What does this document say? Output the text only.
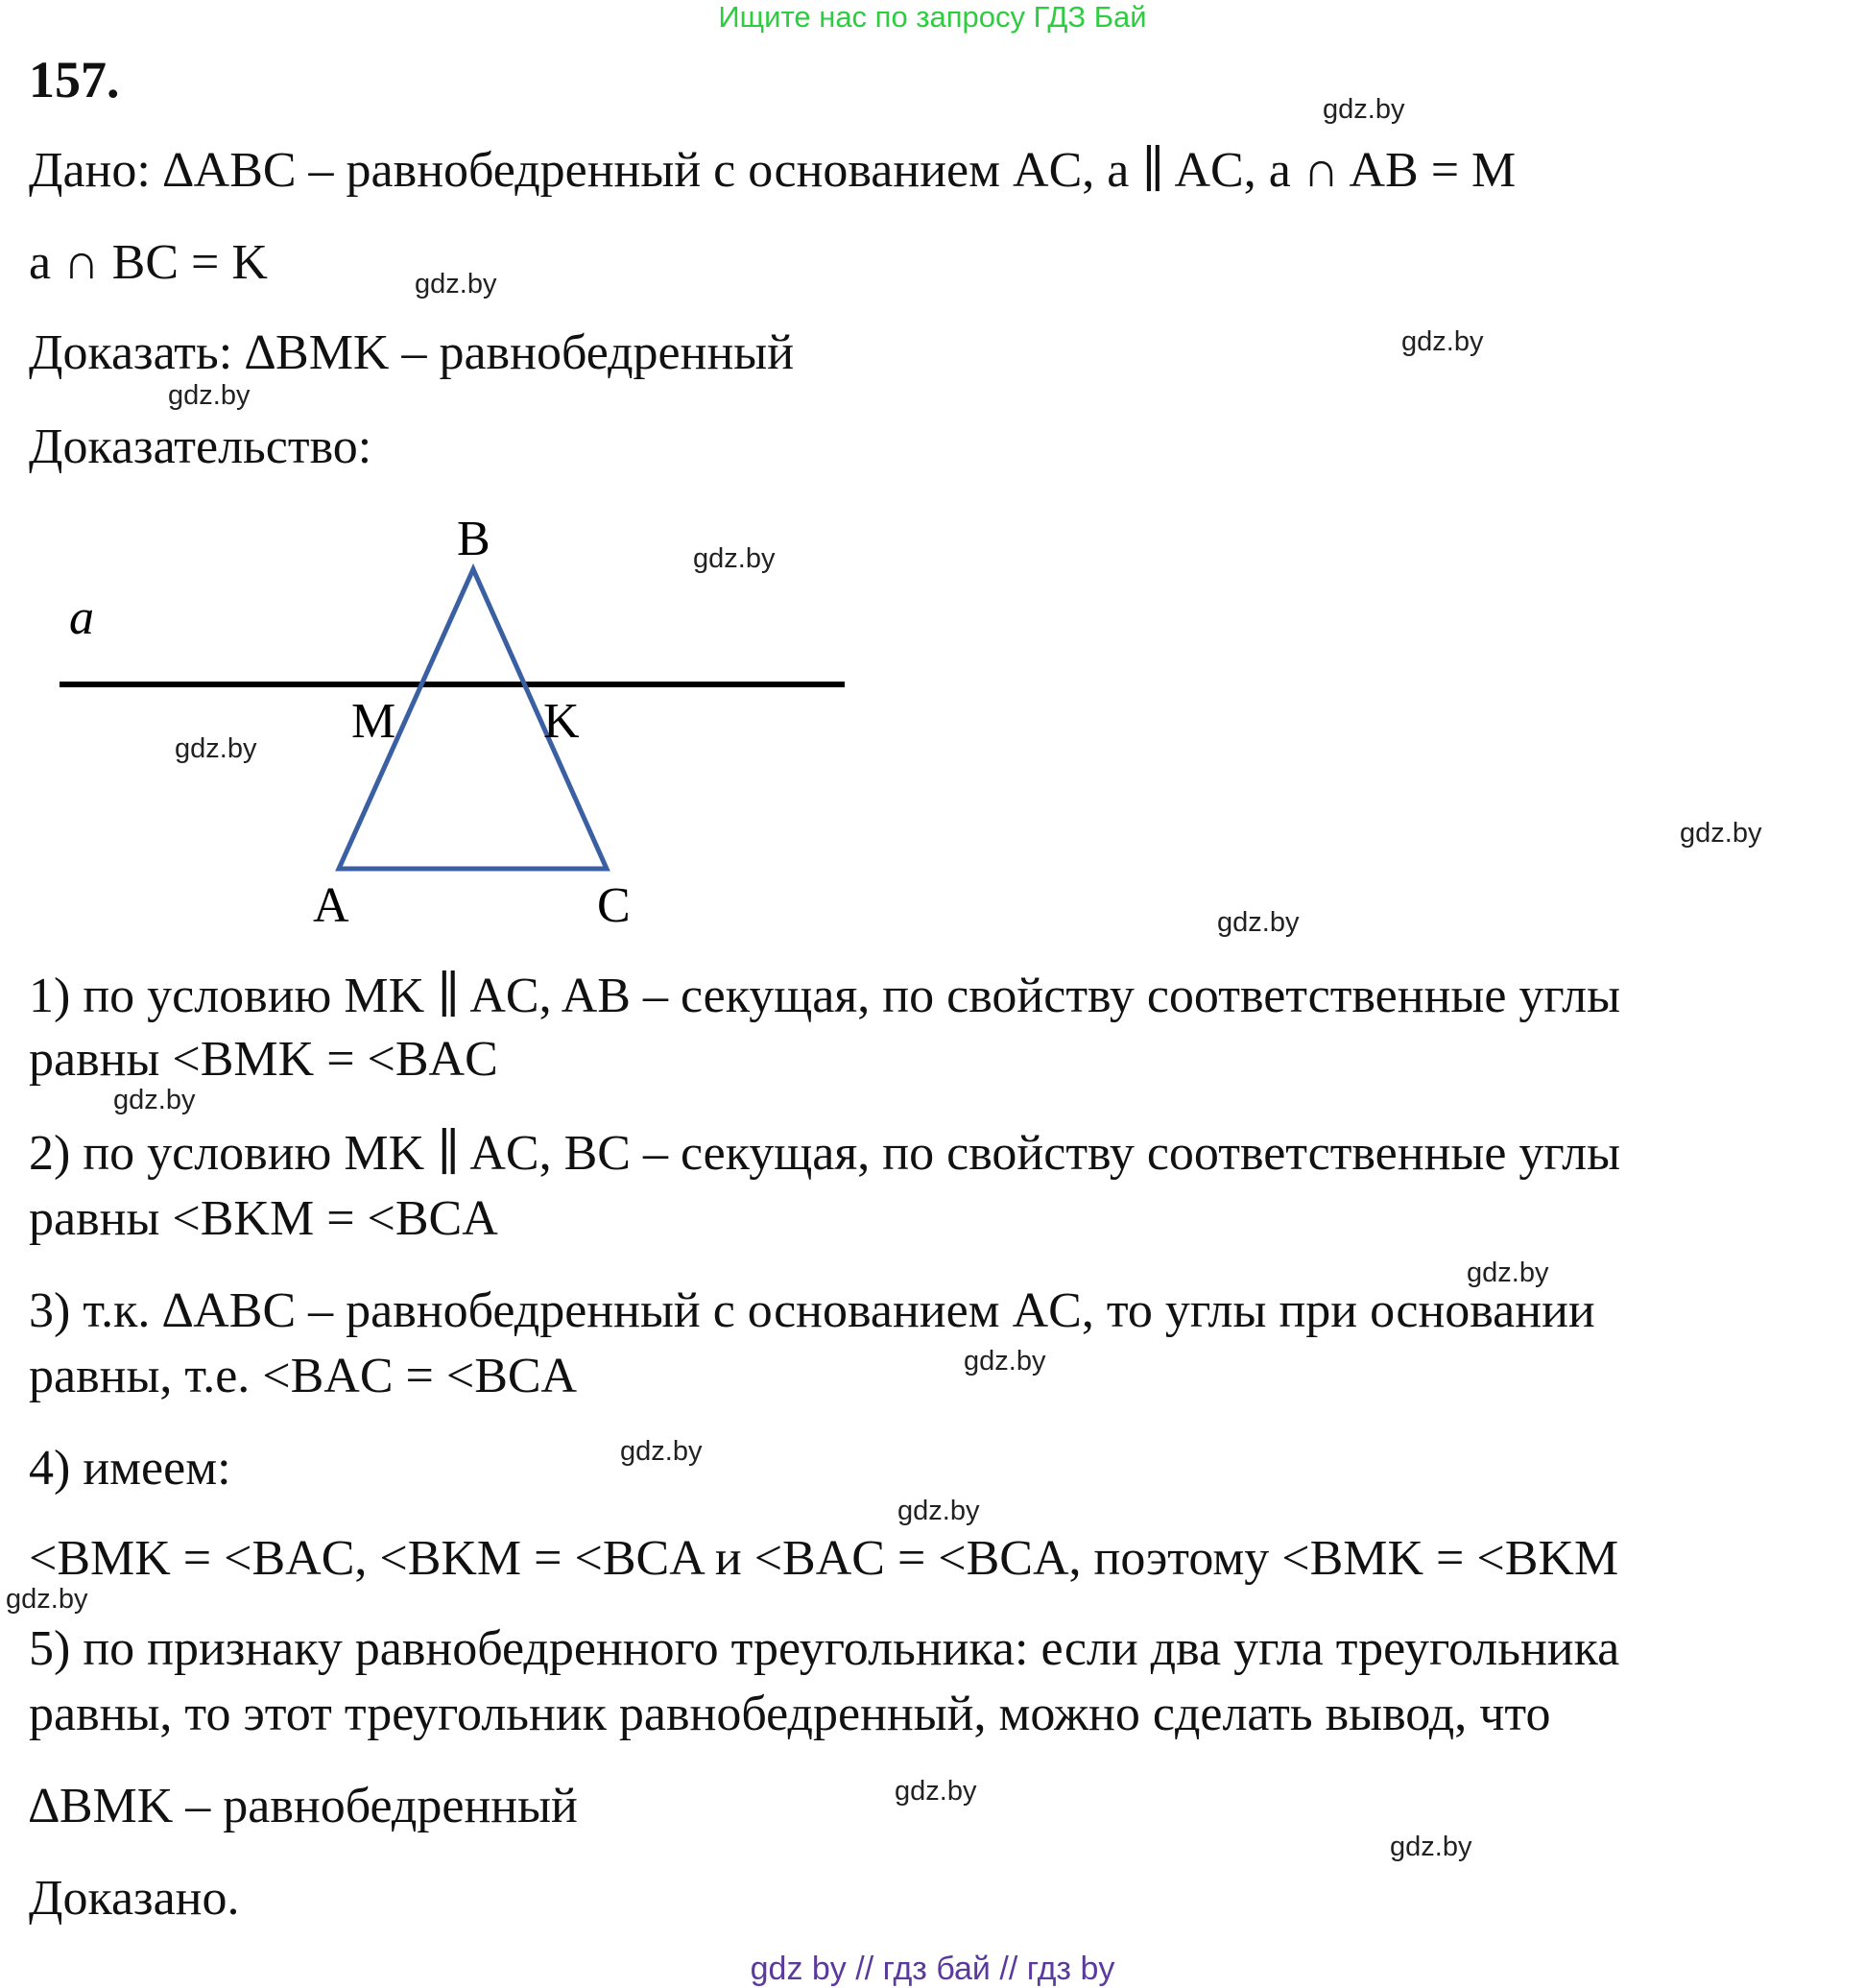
Ищите нас по запросу ГДЗ Бай
157.
Дано: ∆ABC – равнобедренный с основанием AC, a ∥ AC, a ∩ AB = M
a ∩ BC = K
Доказать: ∆BMK – равнобедренный
Доказательство:
B
a
M	K
A	C
1) по условию MK ∥ AC, AB – секущая, по свойству соответственные углы
равны <BMK = <BAC
2) по условию MK ∥ AC, BC – секущая, по свойству соответственные углы
равны <BKM = <BCA
3) т.к. ∆ABC – равнобедренный с основанием AC, то углы при основании
равны, т.е. <BAC = <BCA
4) имеем:
<BMK = <BAC, <BKM = <BCA и <BAC = <BCA, поэтому <BMK = <BKM
5) по признаку равнобедренного треугольника: если два угла треугольника
равны, то этот треугольник равнобедренный, можно сделать вывод, что
∆BMK – равнобедренный
Доказано.
gdz.by
gdz.by
gdz.by
gdz.by
gdz.by
gdz.by
gdz.by
gdz.by
gdz.by
gdz.by
gdz.by
gdz.by
gdz.by
gdz.by
gdz.by
gdz.by
gdz by // гдз бай // гдз by
